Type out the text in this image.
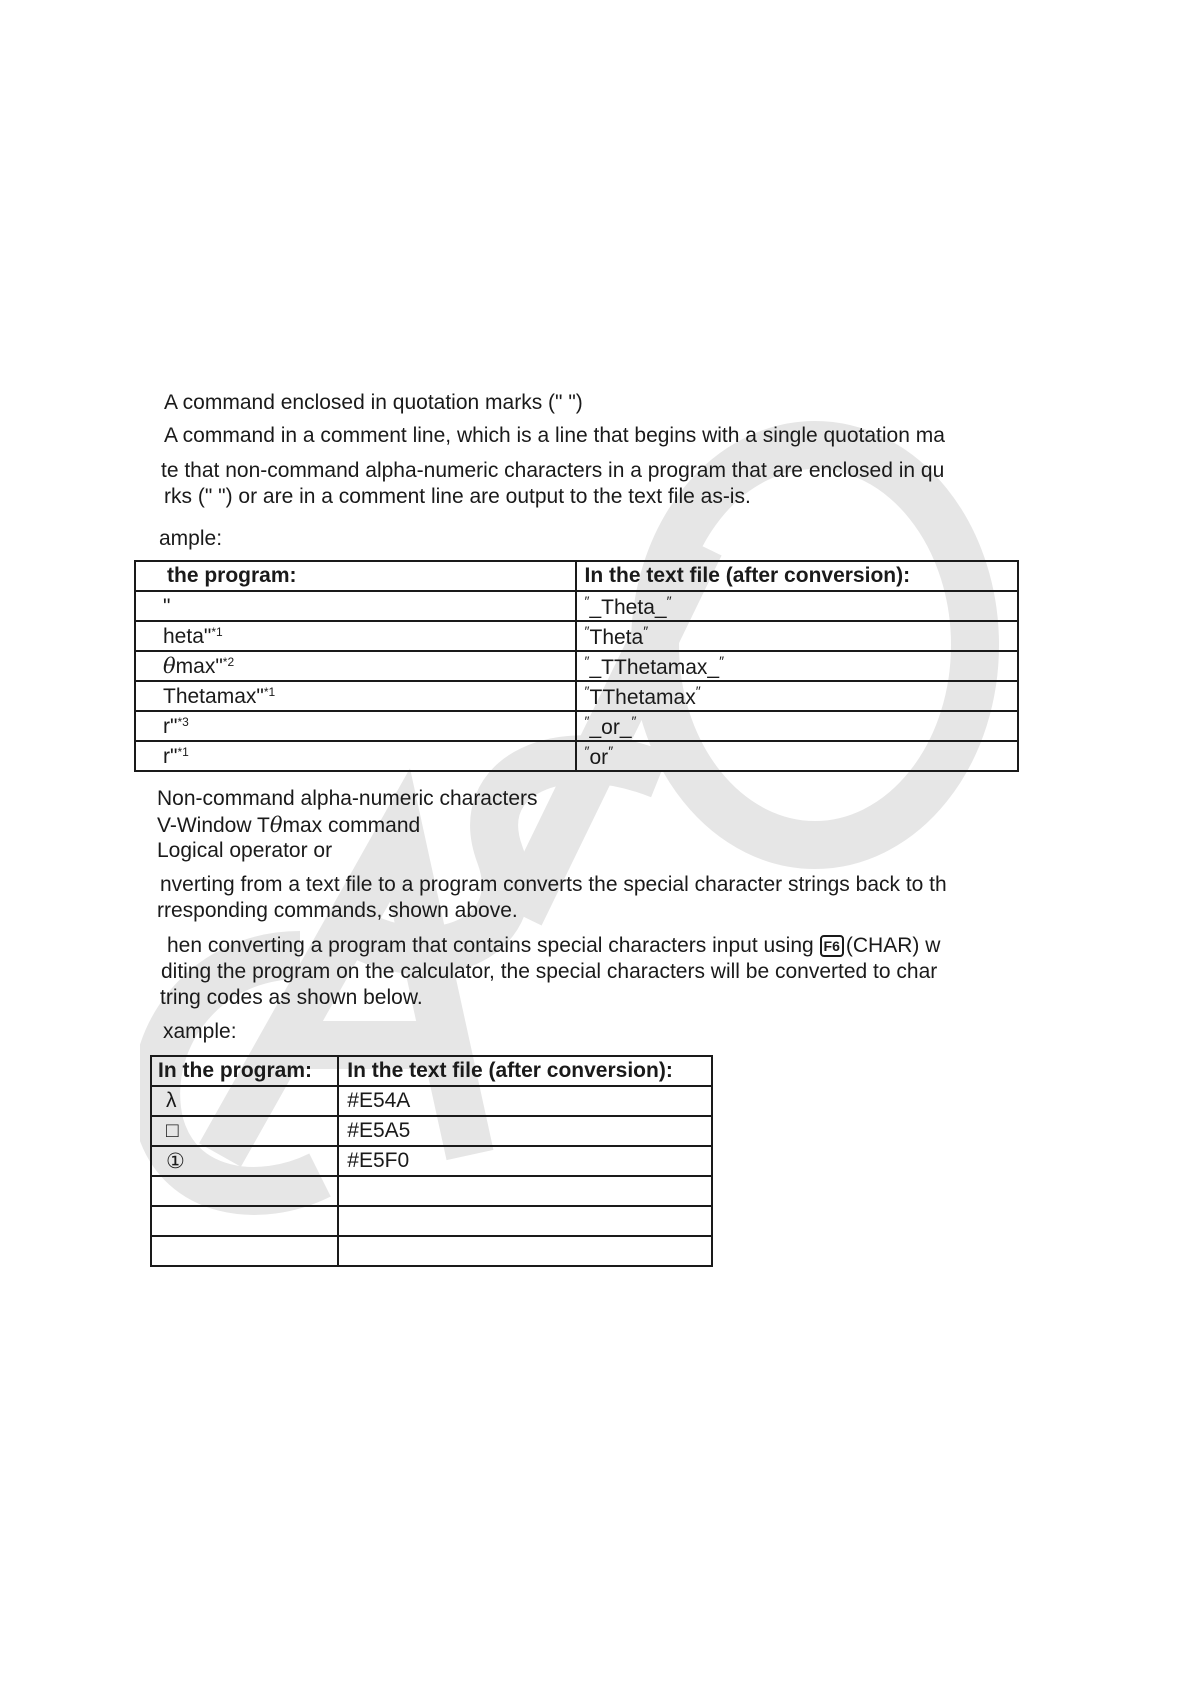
A command enclosed in quotation marks (" ")
A command in a comment line, which is a line that begins with a single quotation ma
te that non-command alpha-numeric characters in a program that are enclosed in qu
rks (" ") or are in a comment line are output to the text file as-is.
ample:
the program:	In the text file (after conversion):
"	″_Theta_″
heta"$^{*1}$	″Theta″
θmax"$^{*2}$	″_TThetamax_″
Thetamax"$^{*1}$	″TThetamax″
r"$^{*3}$	″_or_″
r"$^{*1}$	″or″
Non-command alpha-numeric characters
V-Window Tθmax command
Logical operator or
nverting from a text file to a program converts the special character strings back to th
rresponding commands, shown above.
hen converting a program that contains special characters input using F6 (CHAR) w
diting the program on the calculator, the special characters will be converted to char
tring codes as shown below.
xample:
In the program:	In the text file (after conversion):
λ	#E54A
□	#E5A5
①	#E5F0
